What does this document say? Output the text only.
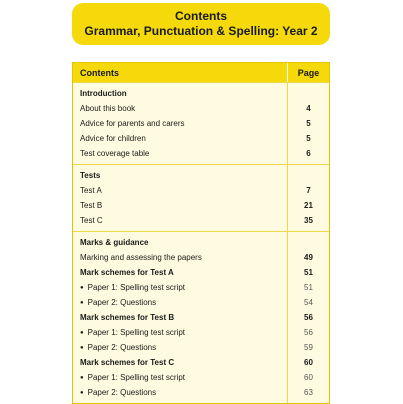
Contents
Grammar, Punctuation & Spelling: Year 2
Contents	Page
Introduction
About this book	4
Advice for parents and carers	5
Advice for children	5
Test coverage table	6
Tests
Test A	7
Test B	21
Test C	35
Marks & guidance
Marking and assessing the papers	49
Mark schemes for Test A	51
● Paper 1: Spelling test script	51
● Paper 2: Questions	54
Mark schemes for Test B	56
● Paper 1: Spelling test script	56
● Paper 2: Questions	59
Mark schemes for Test C	60
● Paper 1: Spelling test script	60
● Paper 2: Questions	63
